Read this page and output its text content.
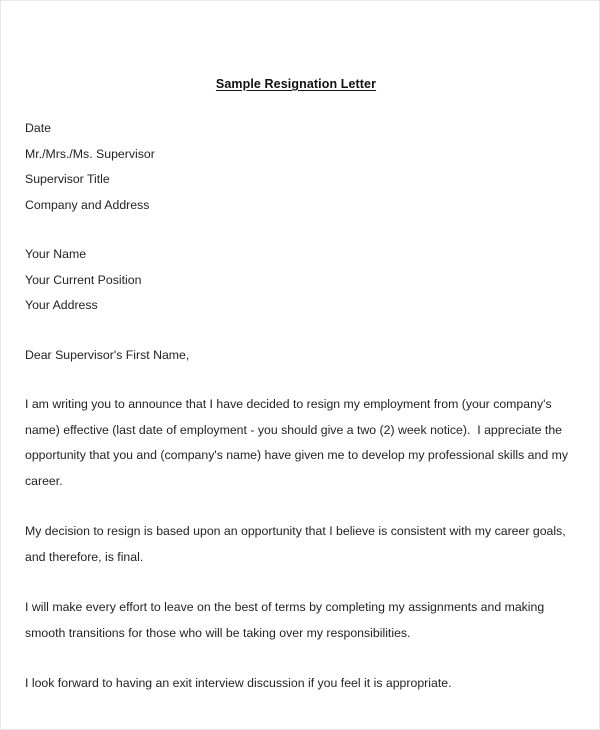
Sample Resignation Letter
Date
Mr./Mrs./Ms. Supervisor
Supervisor Title
Company and Address
Your Name
Your Current Position
Your Address
Dear Supervisor's First Name,

I am writing you to announce that I have decided to resign my employment from (your company's name) effective (last date of employment - you should give a two (2) week notice).  I appreciate the opportunity that you and (company's name) have given me to develop my professional skills and my career.

My decision to resign is based upon an opportunity that I believe is consistent with my career goals, and therefore, is final.

I will make every effort to leave on the best of terms by completing my assignments and making smooth transitions for those who will be taking over my responsibilities.

I look forward to having an exit interview discussion if you feel it is appropriate.
